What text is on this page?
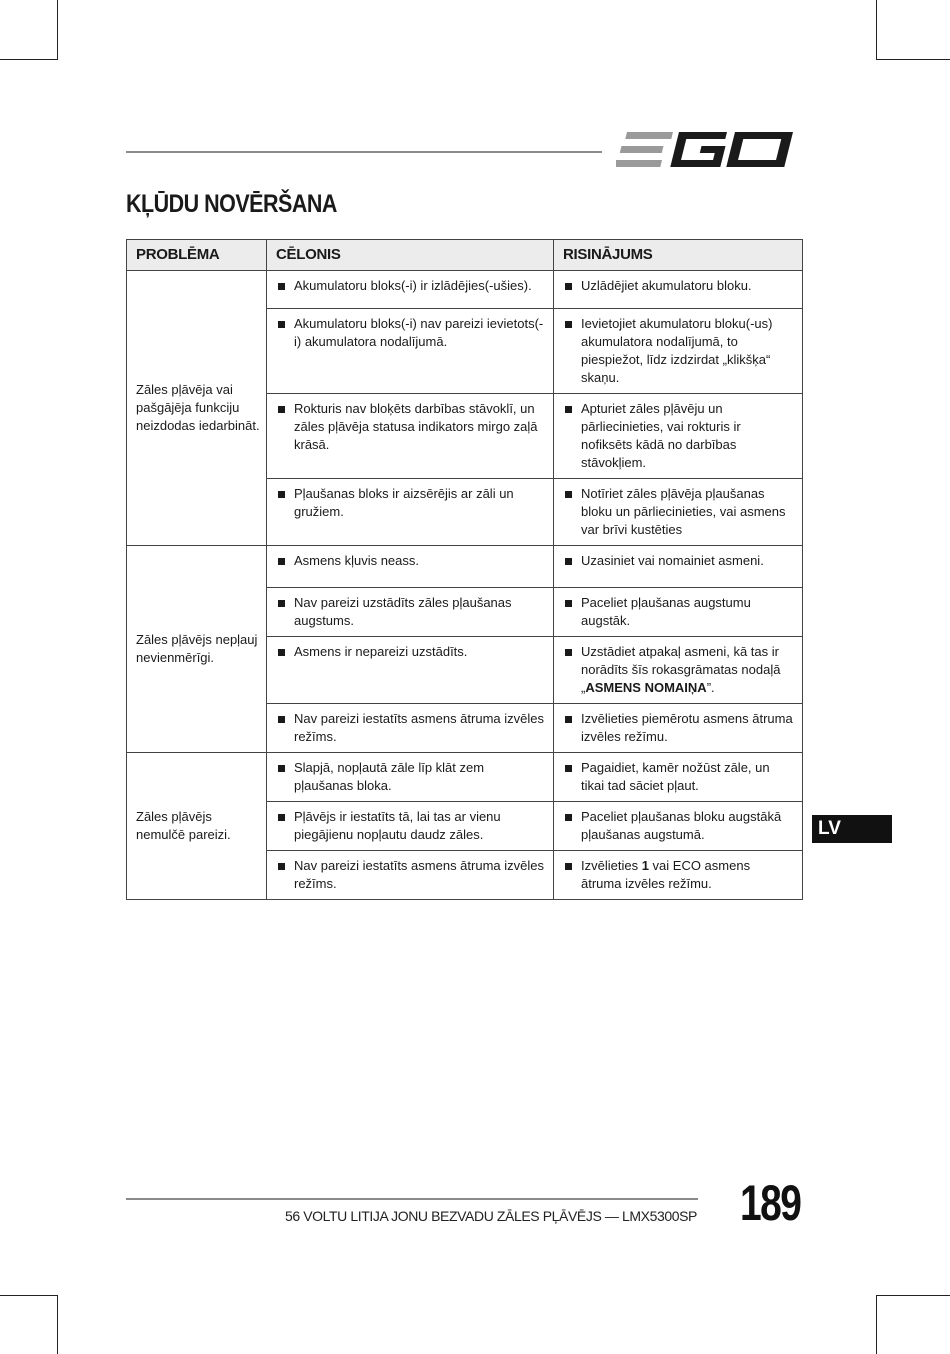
KĻŪDU NOVĒRŠANA
PROBLĒMA	CĒLONIS	RISINĀJUMS
Zāles pļāvēja vai pašgājēja funkciju neizdodas iedarbināt.	Akumulatoru bloks(-i) ir izlādējies(-ušies).	Uzlādējiet akumulatoru bloku.

	Akumulatoru bloks(-i) nav pareizi ievietots(-i) akumulatora nodalījumā.	Ievietojiet akumulatoru bloku(-us) akumulatora nodalījumā, to piespiežot, līdz izdzirdat „klikšķa“ skaņu.

	Rokturis nav bloķēts darbības stāvoklī, un zāles pļāvēja statusa indikators mirgo zaļā krāsā.	Apturiet zāles pļāvēju un pārliecinieties, vai rokturis ir nofiksēts kādā no darbības stāvokļiem.

	Pļaušanas bloks ir aizsērējis ar zāli un gružiem.	Notīriet zāles pļāvēja pļaušanas bloku un pārliecinieties, vai asmens var brīvi kustēties

Zāles pļāvējs nepļauj nevienmērīgi.	Asmens kļuvis neass.	Uzasiniet vai nomainiet asmeni.

	Nav pareizi uzstādīts zāles pļaušanas augstums.	Paceliet pļaušanas augstumu augstāk.

	Asmens ir nepareizi uzstādīts.	Uzstādiet atpakaļ asmeni, kā tas ir norādīts šīs rokasgrāmatas nodaļā „ASMENS NOMAIŅA”.

	Nav pareizi iestatīts asmens ātruma izvēles režīms.	Izvēlieties piemērotu asmens ātruma izvēles režīmu.

Zāles pļāvējs nemulčē pareizi.	Slapjā, nopļautā zāle līp klāt zem pļaušanas bloka.	Pagaidiet, kamēr nožūst zāle, un tikai tad sāciet pļaut.

	Pļāvējs ir iestatīts tā, lai tas ar vienu piegājienu nopļautu daudz zāles.	Paceliet pļaušanas bloku augstākā pļaušanas augstumā.

	Nav pareizi iestatīts asmens ātruma izvēles režīms.	Izvēlieties 1 vai ECO asmens ātruma izvēles režīmu.
LV
56 VOLTU LITIJA JONU BEZVADU ZĀLES PĻĀVĒJS — LMX5300SP 189
